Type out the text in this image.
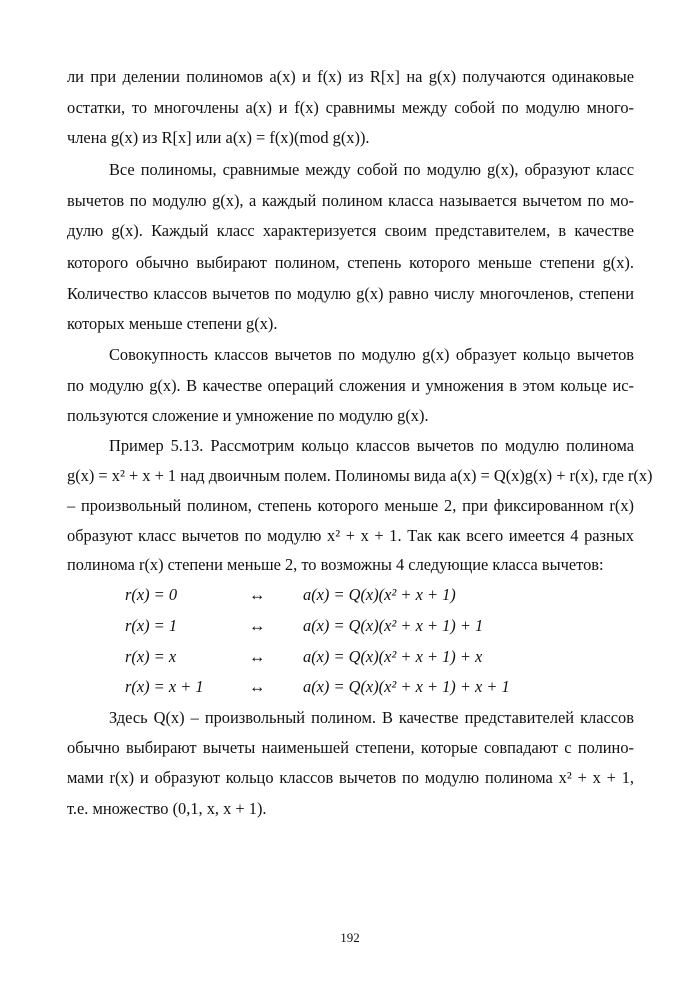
ли при делении полиномов a(x) и f(x) из R[x] на g(x) получаются одинаковые
остатки, то многочлены a(x) и f(x) сравнимы между собой по модулю много-
члена g(x) из R[x] или a(x) = f(x)(mod g(x)).
Все полиномы, сравнимые между собой по модулю g(x), образуют класс
вычетов по модулю g(x), а каждый полином класса называется вычетом по мо-
дулю g(x). Каждый класс характеризуется своим представителем, в качестве
которого обычно выбирают полином, степень которого меньше степени g(x).
Количество классов вычетов по модулю g(x) равно числу многочленов, степени
которых меньше степени g(x).
Совокупность классов вычетов по модулю g(x) образует кольцо вычетов
по модулю g(x). В качестве операций сложения и умножения в этом кольце ис-
пользуются сложение и умножение по модулю g(x).
Пример 5.13. Рассмотрим кольцо классов вычетов по модулю полинома
g(x) = x² + x + 1 над двоичным полем. Полиномы вида a(x) = Q(x)g(x) + r(x), где r(x)
– произвольный полином, степень которого меньше 2, при фиксированном r(x)
образуют класс вычетов по модулю x² + x + 1. Так как всего имеется 4 разных
полинома r(x) степени меньше 2, то возможны 4 следующие класса вычетов:
r(x) = 0	↔ a(x) = Q(x)(x² + x + 1)
r(x) = 1	↔ a(x) = Q(x)(x² + x + 1) + 1
r(x) = x	↔ a(x) = Q(x)(x² + x + 1) + x
r(x) = x + 1	↔ a(x) = Q(x)(x² + x + 1) + x + 1
Здесь Q(x) – произвольный полином. В качестве представителей классов
обычно выбирают вычеты наименьшей степени, которые совпадают с полино-
мами r(x) и образуют кольцо классов вычетов по модулю полинома x² + x + 1,
т.е. множество (0,1, x, x + 1).
192
